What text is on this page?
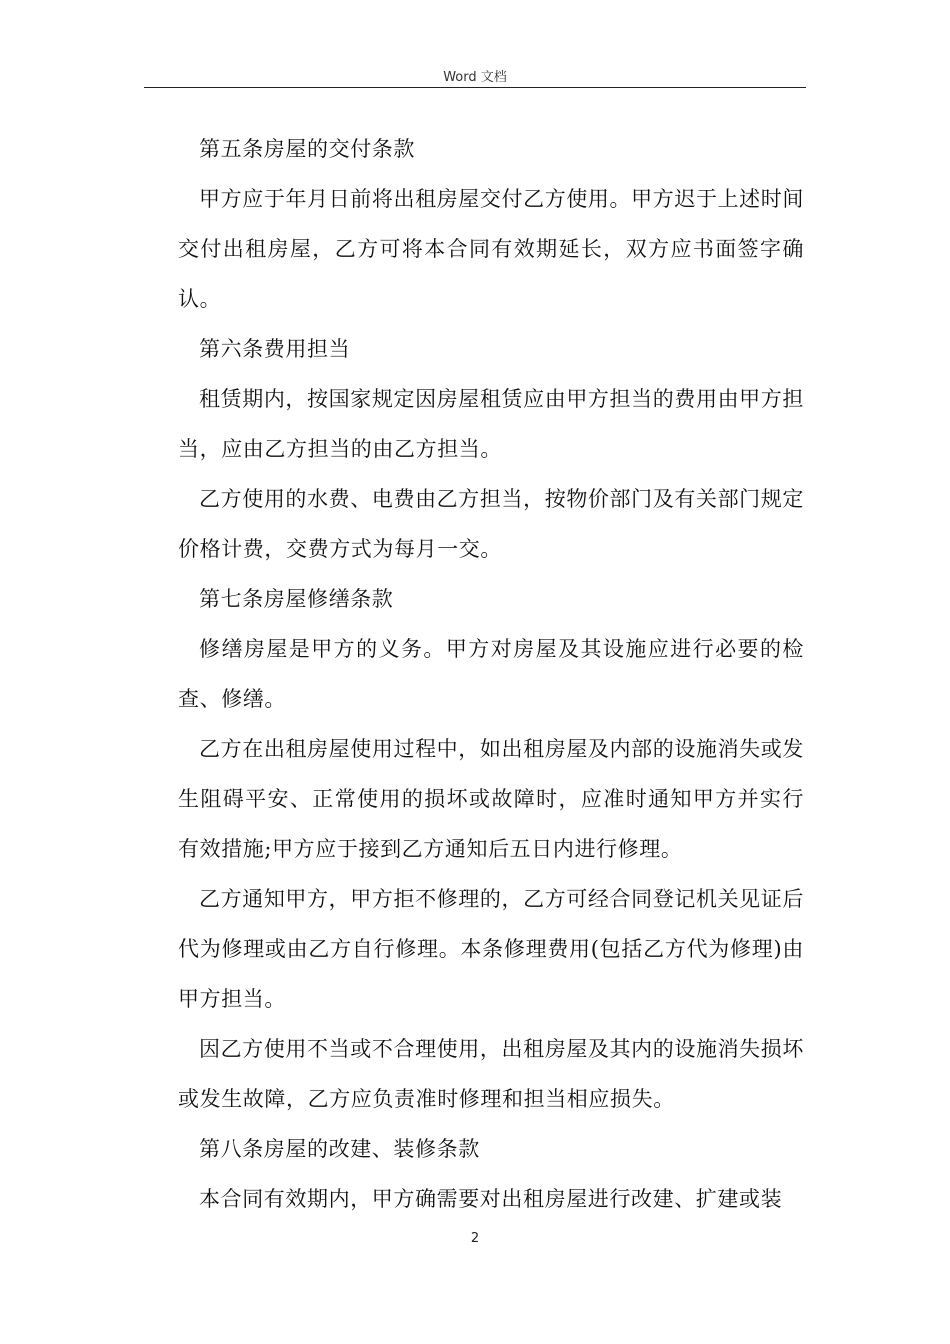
Word 文档

第五条房屋的交付条款

甲方应于年月日前将出租房屋交付乙方使用。甲方迟于上述时间交付出租房屋，乙方可将本合同有效期延长，双方应书面签字确认。

第六条费用担当

租赁期内，按国家规定因房屋租赁应由甲方担当的费用由甲方担当，应由乙方担当的由乙方担当。

乙方使用的水费、电费由乙方担当，按物价部门及有关部门规定价格计费，交费方式为每月一交。

第七条房屋修缮条款

修缮房屋是甲方的义务。甲方对房屋及其设施应进行必要的检查、修缮。

乙方在出租房屋使用过程中，如出租房屋及内部的设施消失或发生阻碍平安、正常使用的损坏或故障时，应准时通知甲方并实行有效措施;甲方应于接到乙方通知后五日内进行修理。

乙方通知甲方，甲方拒不修理的，乙方可经合同登记机关见证后代为修理或由乙方自行修理。本条修理费用(包括乙方代为修理)由甲方担当。

因乙方使用不当或不合理使用，出租房屋及其内的设施消失损坏或发生故障，乙方应负责准时修理和担当相应损失。

第八条房屋的改建、装修条款

本合同有效期内，甲方确需要对出租房屋进行改建、扩建或装

2
